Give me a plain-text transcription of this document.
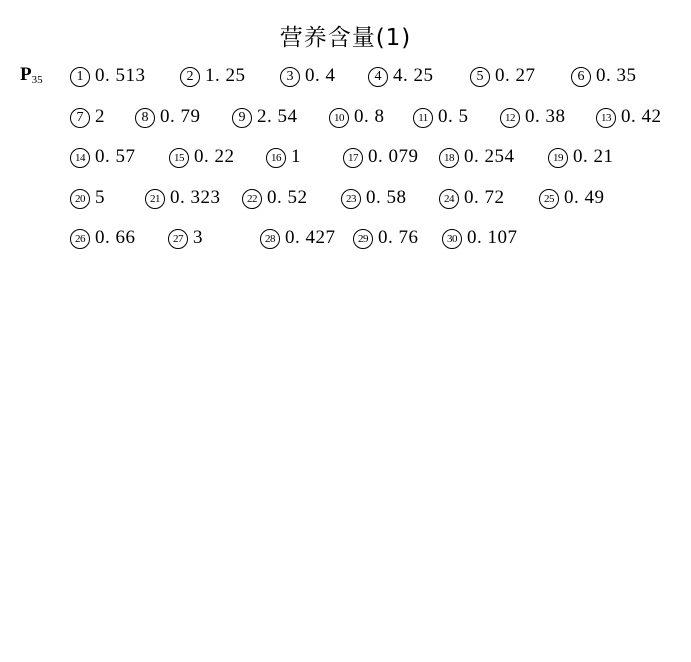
营养含量(1)
$P_{35}$	1 0. 513	2 1. 25	3 0. 4	4 4. 25	5 0. 27	6 0. 35
7 2	8 0. 79	9 2. 54	10 0. 8	11 0. 5	12 0. 38	13 0. 42
14 0. 57	15 0. 22	16 1	17 0. 079	18 0. 254	19 0. 21
20 5	21 0. 323	22 0. 52	23 0. 58	24 0. 72	25 0. 49
26 0. 66	27 3	28 0. 427	29 0. 76	30 0. 107
